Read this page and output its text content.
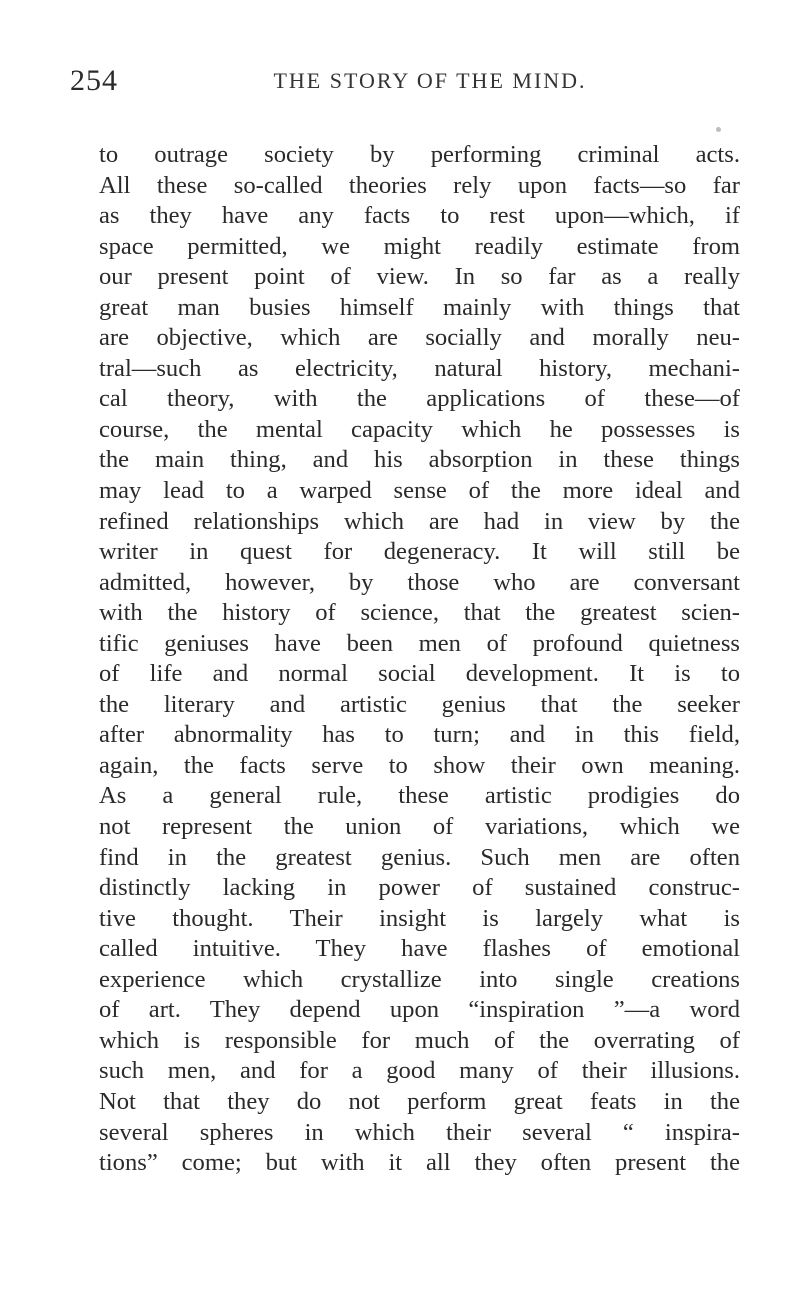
254	THE STORY OF THE MIND.
to outrage society by performing criminal acts.
All these so-called theories rely upon facts—so far
as they have any facts to rest upon—which, if
space permitted, we might readily estimate from
our present point of view. In so far as a really
great man busies himself mainly with things that
are objective, which are socially and morally neu-
tral—such as electricity, natural history, mechani-
cal theory, with the applications of these—of
course, the mental capacity which he possesses is
the main thing, and his absorption in these things
may lead to a warped sense of the more ideal and
refined relationships which are had in view by the
writer in quest for degeneracy. It will still be
admitted, however, by those who are conversant
with the history of science, that the greatest scien-
tific geniuses have been men of profound quietness
of life and normal social development. It is to
the literary and artistic genius that the seeker
after abnormality has to turn; and in this field,
again, the facts serve to show their own meaning.
As a general rule, these artistic prodigies do
not represent the union of variations, which we
find in the greatest genius. Such men are often
distinctly lacking in power of sustained construc-
tive thought. Their insight is largely what is
called intuitive. They have flashes of emotional
experience which crystallize into single creations
of art. They depend upon “inspiration ”—a word
which is responsible for much of the overrating of
such men, and for a good many of their illusions.
Not that they do not perform great feats in the
several spheres in which their several “ inspira-
tions” come; but with it all they often present the
